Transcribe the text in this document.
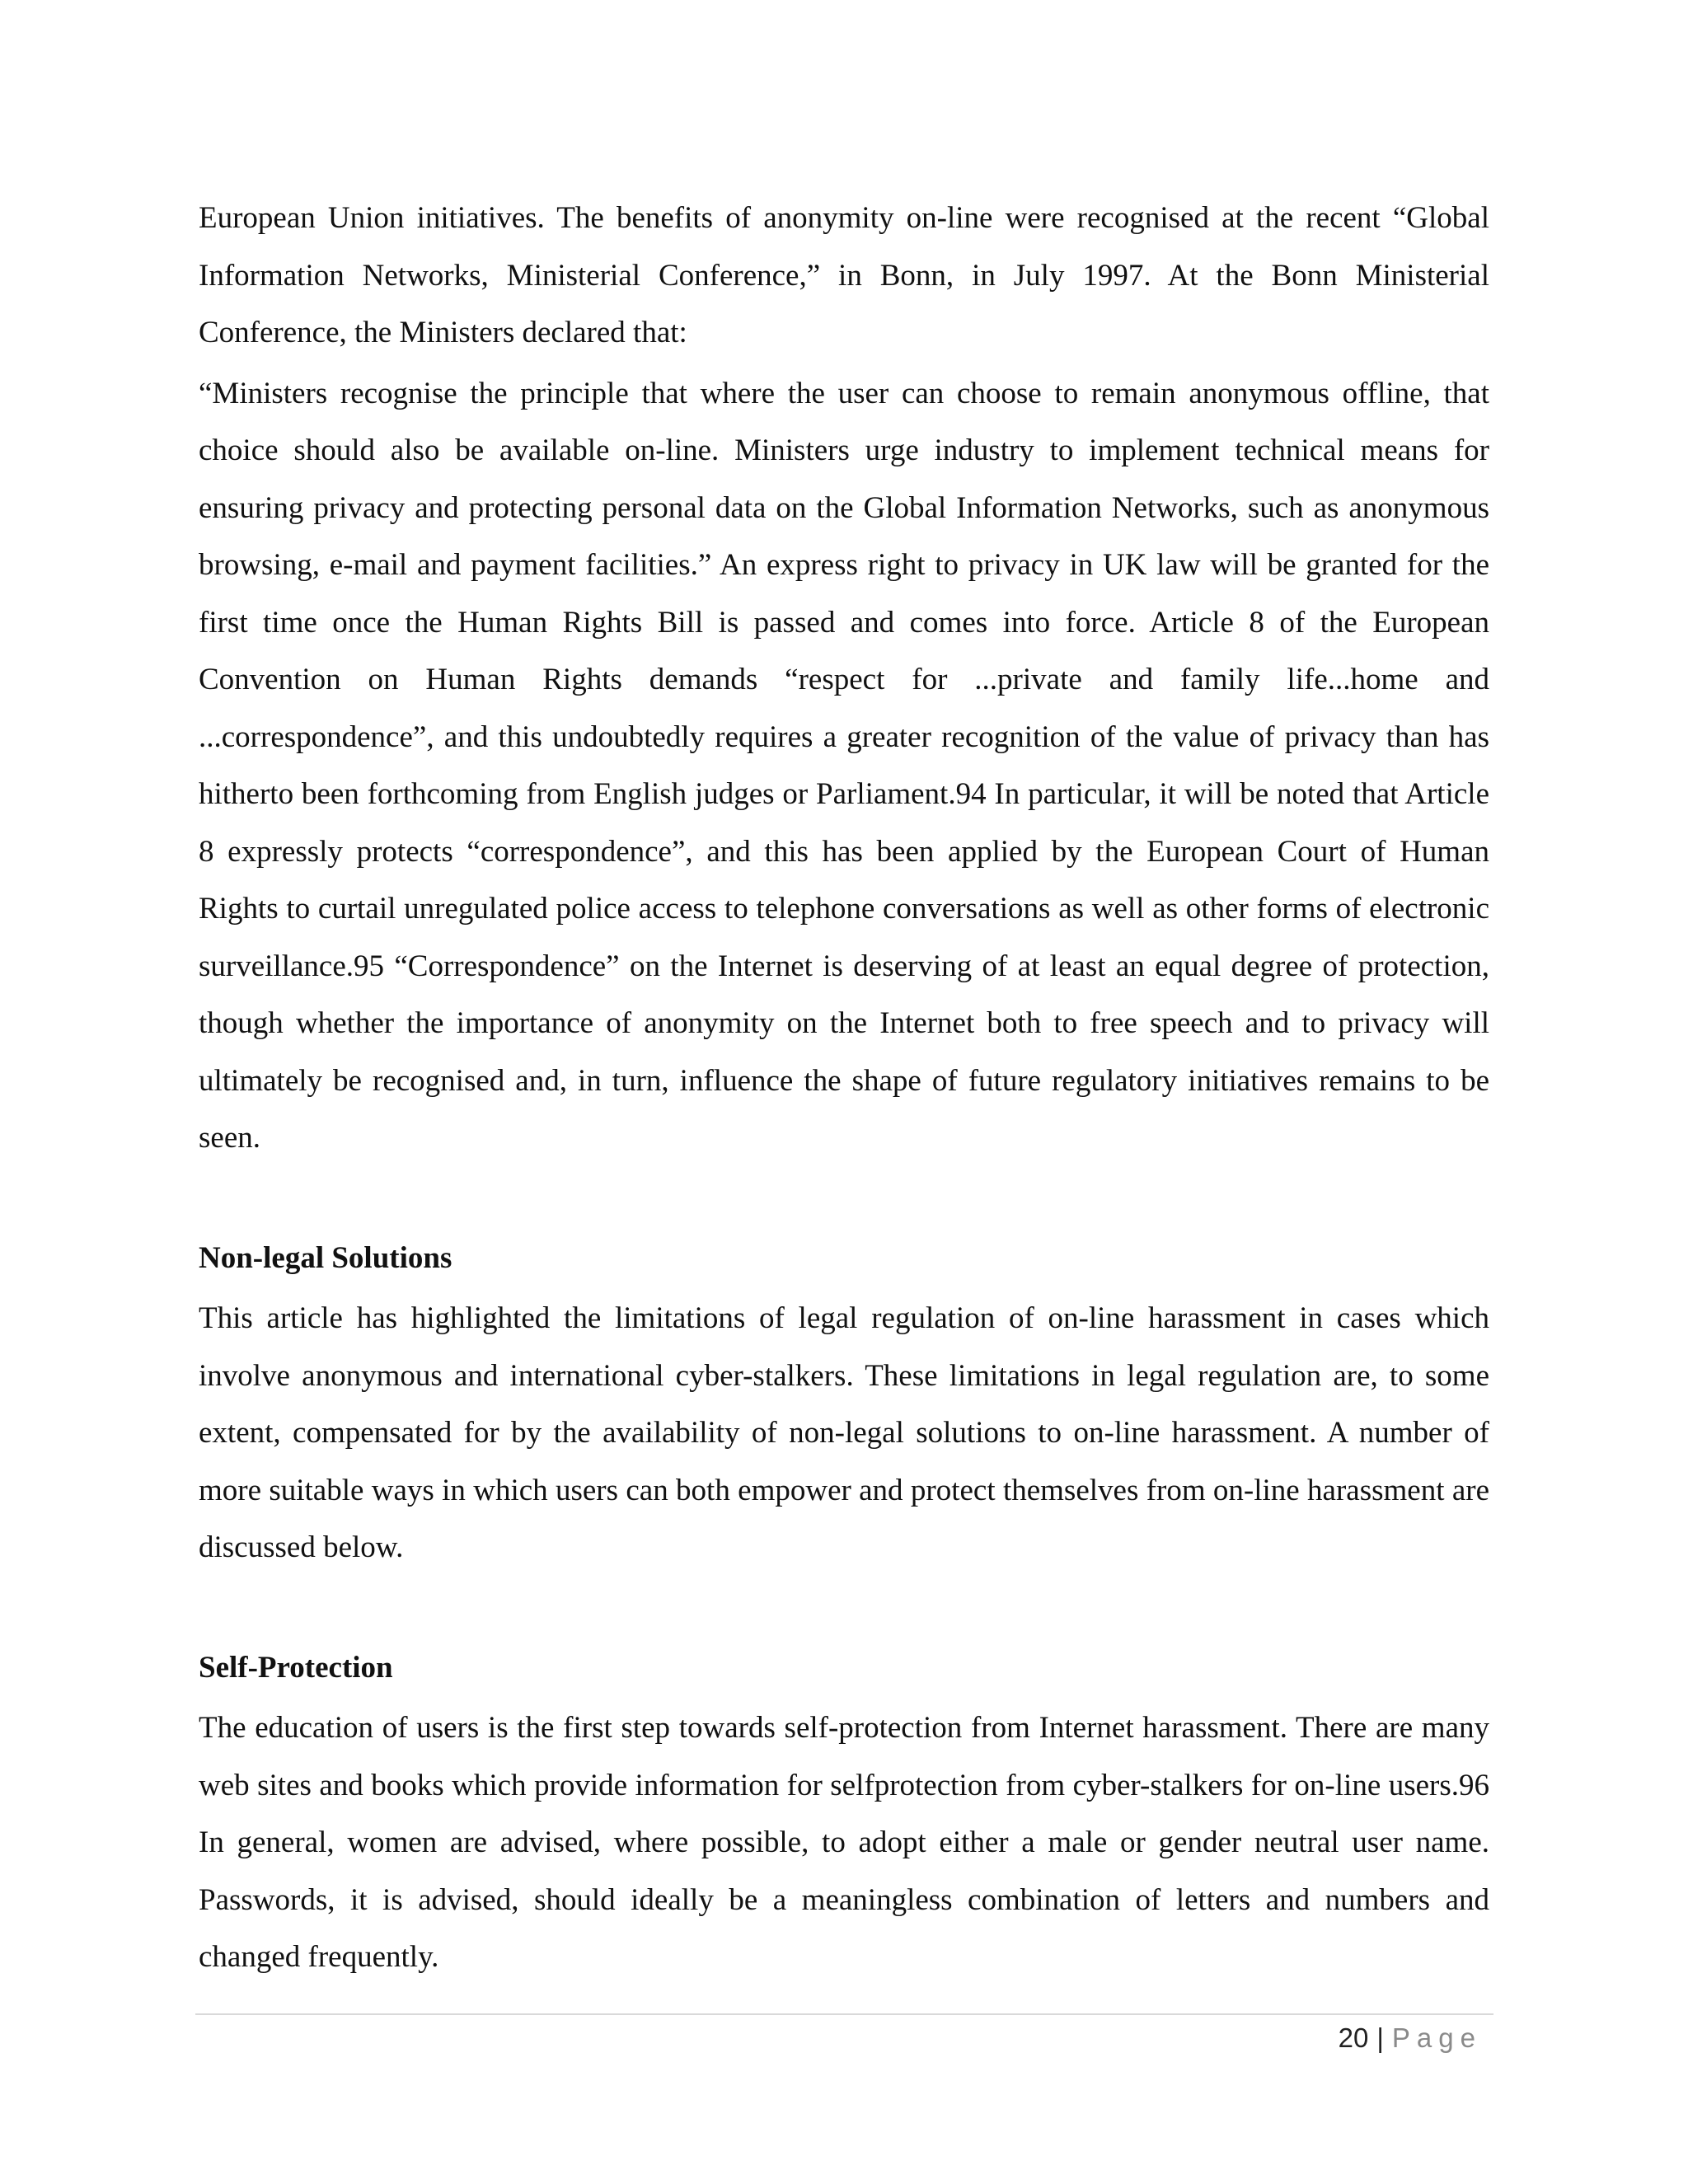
European Union initiatives. The benefits of anonymity on-line were recognised at the recent “Global Information Networks, Ministerial Conference,” in Bonn, in July 1997. At the Bonn Ministerial Conference, the Ministers declared that:

“Ministers recognise the principle that where the user can choose to remain anonymous offline, that choice should also be available on-line. Ministers urge industry to implement technical means for ensuring privacy and protecting personal data on the Global Information Networks, such as anonymous browsing, e-mail and payment facilities.” An express right to privacy in UK law will be granted for the first time once the Human Rights Bill is passed and comes into force. Article 8 of the European Convention on Human Rights demands “respect for ...private and family life...home and ...correspondence”, and this undoubtedly requires a greater recognition of the value of privacy than has hitherto been forthcoming from English judges or Parliament.94 In particular, it will be noted that Article 8 expressly protects “correspondence”, and this has been applied by the European Court of Human Rights to curtail unregulated police access to telephone conversations as well as other forms of electronic surveillance.95 “Correspondence” on the Internet is deserving of at least an equal degree of protection, though whether the importance of anonymity on the Internet both to free speech and to privacy will ultimately be recognised and, in turn, influence the shape of future regulatory initiatives remains to be seen.

Non-legal Solutions

This article has highlighted the limitations of legal regulation of on-line harassment in cases which involve anonymous and international cyber-stalkers. These limitations in legal regulation are, to some extent, compensated for by the availability of non-legal solutions to on-line harassment. A number of more suitable ways in which users can both empower and protect themselves from on-line harassment are discussed below.

Self-Protection

The education of users is the first step towards self-protection from Internet harassment. There are many web sites and books which provide information for selfprotection from cyber-stalkers for on-line users.96 In general, women are advised, where possible, to adopt either a male or gender neutral user name. Passwords, it is advised, should ideally be a meaningless combination of letters and numbers and changed frequently.

20 | Page
